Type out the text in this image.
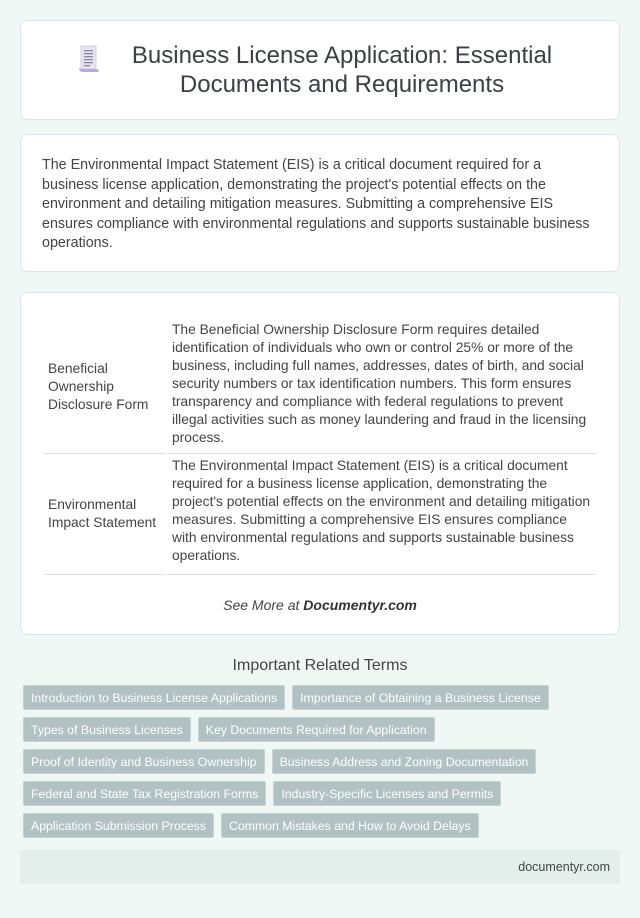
Business License Application: Essential Documents and Requirements

The Environmental Impact Statement (EIS) is a critical document required for a business license application, demonstrating the project's potential effects on the environment and detailing mitigation measures. Submitting a comprehensive EIS ensures compliance with environmental regulations and supports sustainable business operations.

Beneficial Ownership Disclosure Form	The Beneficial Ownership Disclosure Form requires detailed identification of individuals who own or control 25% or more of the business, including full names, addresses, dates of birth, and social security numbers or tax identification numbers. This form ensures transparency and compliance with federal regulations to prevent illegal activities such as money laundering and fraud in the licensing process.
Environmental Impact Statement	The Environmental Impact Statement (EIS) is a critical document required for a business license application, demonstrating the project's potential effects on the environment and detailing mitigation measures. Submitting a comprehensive EIS ensures compliance with environmental regulations and supports sustainable business operations.
See More at Documentyr.com
Important Related Terms
Introduction to Business License Applications	Importance of Obtaining a Business License
Types of Business Licenses	Key Documents Required for Application
Proof of Identity and Business Ownership	Business Address and Zoning Documentation
Federal and State Tax Registration Forms	Industry-Specific Licenses and Permits
Application Submission Process	Common Mistakes and How to Avoid Delays
documentyr.com
